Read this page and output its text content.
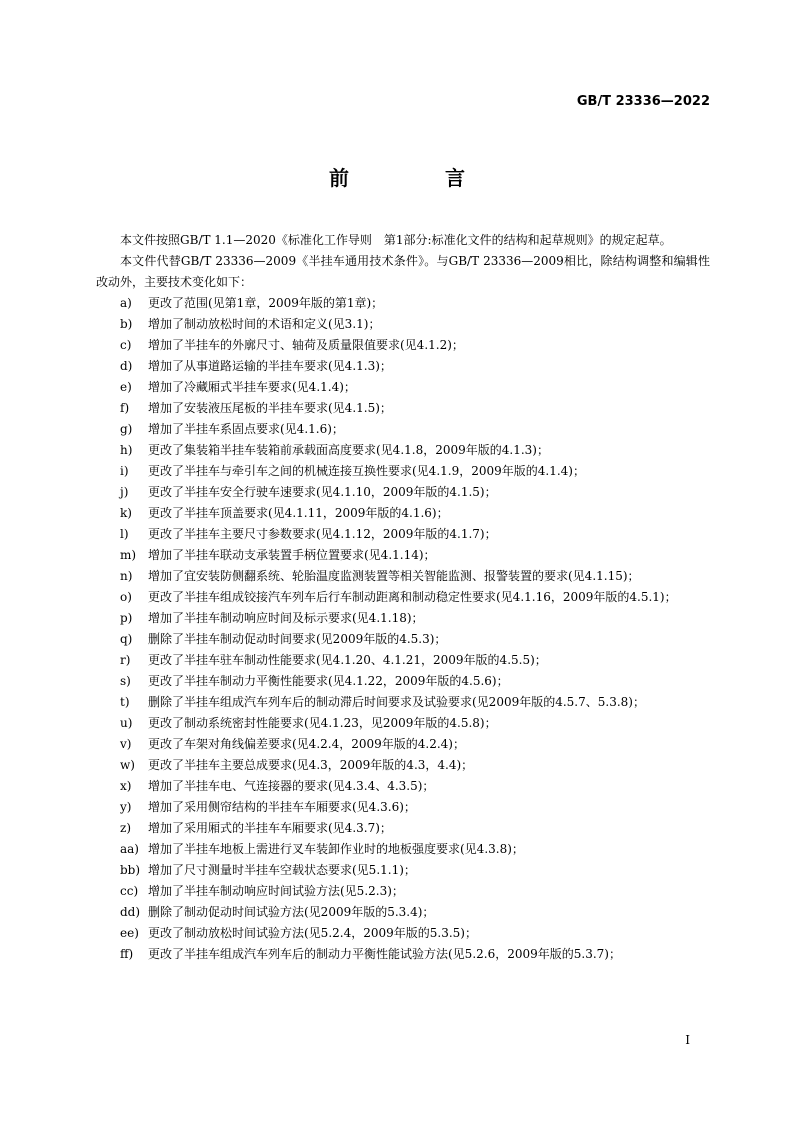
GB/T 23336—2022
前　言
本文件按照GB/T 1.1—2020《标准化工作导则　第1部分:标准化文件的结构和起草规则》的规定起草。
本文件代替GB/T 23336—2009《半挂车通用技术条件》。与GB/T 23336—2009相比，除结构调整和编辑性改动外，主要技术变化如下：
a)	更改了范围(见第1章，2009年版的第1章)；
b)	增加了制动放松时间的术语和定义(见3.1)；
c)	增加了半挂车的外廓尺寸、轴荷及质量限值要求(见4.1.2)；
d)	增加了从事道路运输的半挂车要求(见4.1.3)；
e)	增加了冷藏厢式半挂车要求(见4.1.4)；
f)	增加了安装液压尾板的半挂车要求(见4.1.5)；
g)	增加了半挂车系固点要求(见4.1.6)；
h)	更改了集装箱半挂车装箱前承载面高度要求(见4.1.8，2009年版的4.1.3)；
i)	更改了半挂车与牵引车之间的机械连接互换性要求(见4.1.9，2009年版的4.1.4)；
j)	更改了半挂车安全行驶车速要求(见4.1.10，2009年版的4.1.5)；
k)	更改了半挂车顶盖要求(见4.1.11，2009年版的4.1.6)；
l)	更改了半挂车主要尺寸参数要求(见4.1.12，2009年版的4.1.7)；
m) 增加了半挂车联动支承装置手柄位置要求(见4.1.14)；
n)	增加了宜安装防侧翻系统、轮胎温度监测装置等相关智能监测、报警装置的要求(见4.1.15)；
o)	更改了半挂车组成铰接汽车列车后行车制动距离和制动稳定性要求(见4.1.16，2009年版的4.5.1)；
p)	增加了半挂车制动响应时间及标示要求(见4.1.18)；
q)	删除了半挂车制动促动时间要求(见2009年版的4.5.3)；
r)	更改了半挂车驻车制动性能要求(见4.1.20、4.1.21，2009年版的4.5.5)；
s)	更改了半挂车制动力平衡性能要求(见4.1.22，2009年版的4.5.6)；
t)	删除了半挂车组成汽车列车后的制动滞后时间要求及试验要求(见2009年版的4.5.7、5.3.8)；
u)	更改了制动系统密封性能要求(见4.1.23，见2009年版的4.5.8)；
v)	更改了车架对角线偏差要求(见4.2.4，2009年版的4.2.4)；
w)	更改了半挂车主要总成要求(见4.3，2009年版的4.3，4.4)；
x)	增加了半挂车电、气连接器的要求(见4.3.4、4.3.5)；
y)	增加了采用侧帘结构的半挂车车厢要求(见4.3.6)；
z)	增加了采用厢式的半挂车车厢要求(见4.3.7)；
aa) 增加了半挂车地板上需进行叉车装卸作业时的地板强度要求(见4.3.8)；
bb) 增加了尺寸测量时半挂车空载状态要求(见5.1.1)；
cc) 增加了半挂车制动响应时间试验方法(见5.2.3)；
dd) 删除了制动促动时间试验方法(见2009年版的5.3.4)；
ee) 更改了制动放松时间试验方法(见5.2.4，2009年版的5.3.5)；
ff)	更改了半挂车组成汽车列车后的制动力平衡性能试验方法(见5.2.6，2009年版的5.3.7)；
I
